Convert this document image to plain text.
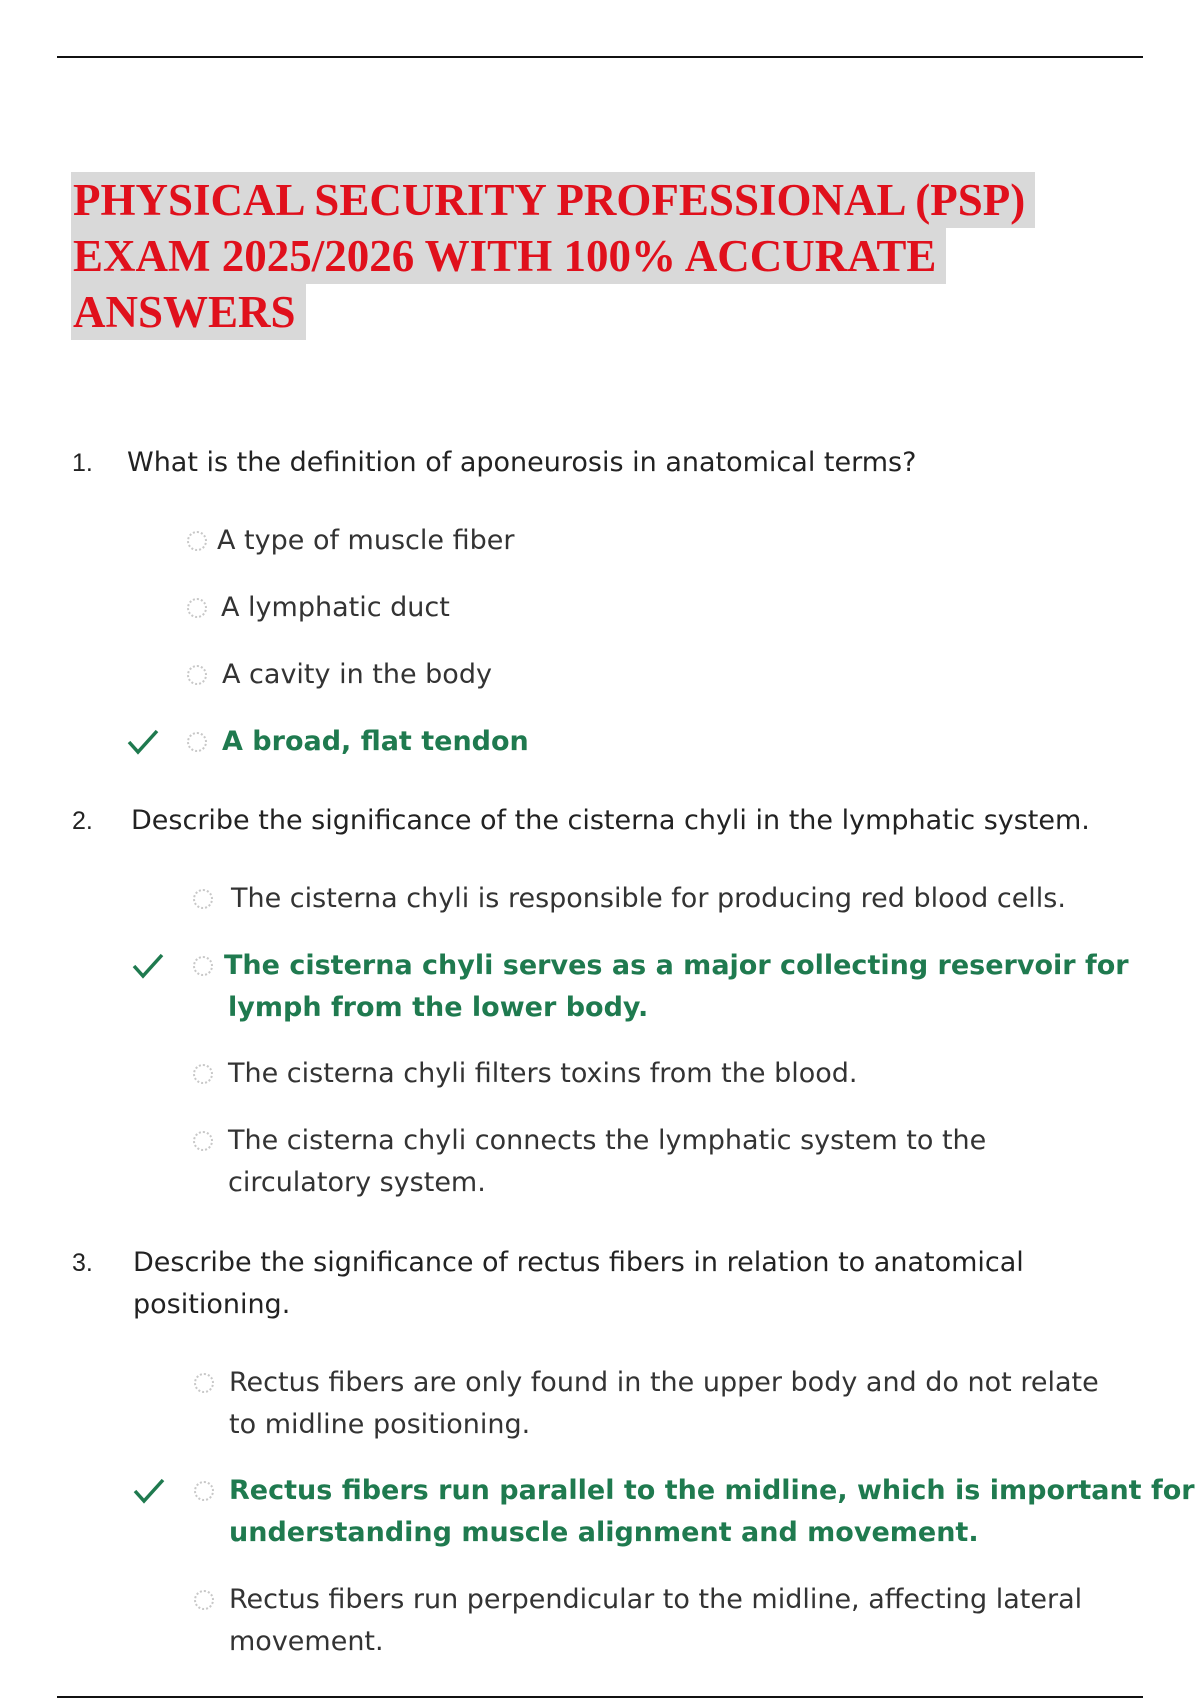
PHYSICAL SECURITY PROFESSIONAL (PSP)
EXAM 2025/2026 WITH 100% ACCURATE
ANSWERS
1. What is the definition of aponeurosis in anatomical terms?
A type of muscle fiber
A lymphatic duct
A cavity in the body
A broad, flat tendon
2. Describe the significance of the cisterna chyli in the lymphatic system.
The cisterna chyli is responsible for producing red blood cells.
The cisterna chyli serves as a major collecting reservoir for
lymph from the lower body.
The cisterna chyli filters toxins from the blood.
The cisterna chyli connects the lymphatic system to the
circulatory system.
3. Describe the significance of rectus fibers in relation to anatomical
positioning.
Rectus fibers are only found in the upper body and do not relate
to midline positioning.
Rectus fibers run parallel to the midline, which is important for
understanding muscle alignment and movement.
Rectus fibers run perpendicular to the midline, affecting lateral
movement.
